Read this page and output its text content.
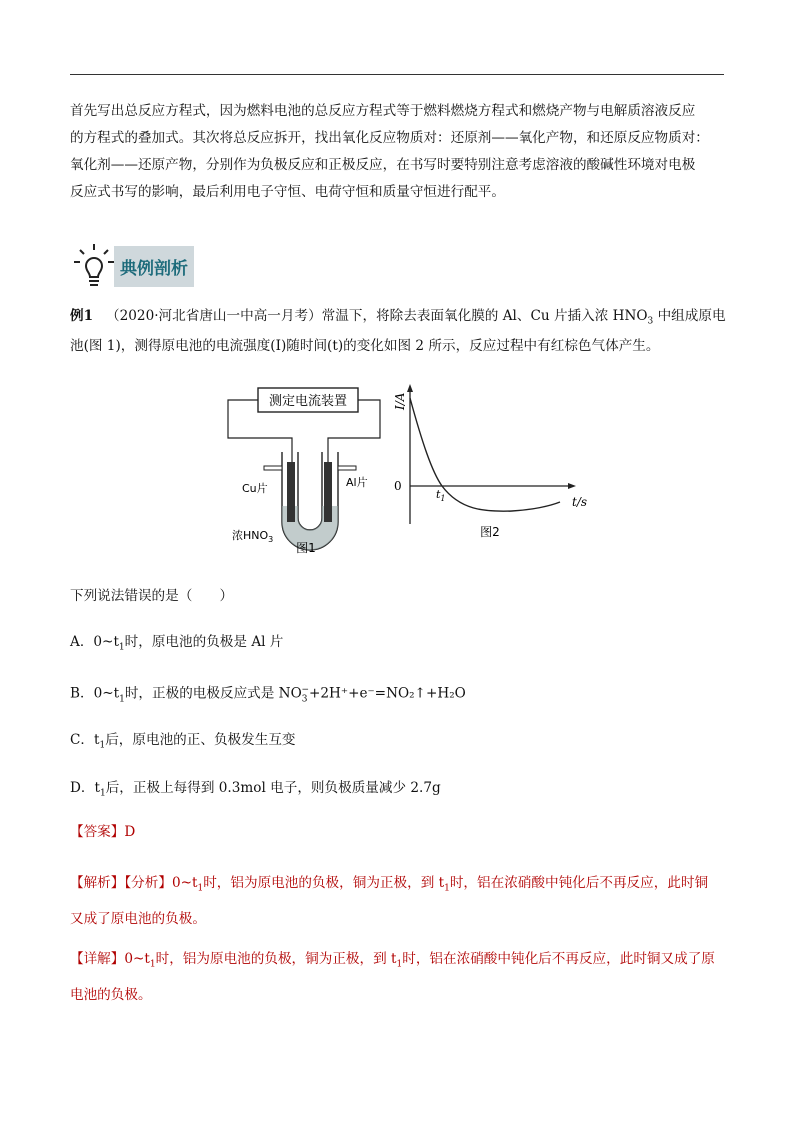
首先写出总反应方程式，因为燃料电池的总反应方程式等于燃料燃烧方程式和燃烧产物与电解质溶液反应
的方程式的叠加式。其次将总反应拆开，找出氧化反应物质对：还原剂——氧化产物，和还原反应物质对：
氧化剂——还原产物，分别作为负极反应和正极反应，在书写时要特别注意考虑溶液的酸碱性环境对电极
反应式书写的影响，最后利用电子守恒、电荷守恒和质量守恒进行配平。
典例剖析
例1 （2020·河北省唐山一中高一月考）常温下，将除去表面氧化膜的 Al、Cu 片插入浓 $HNO_3$ 中组成原电
池(图 1)，测得原电池的电流强度(I)随时间(t)的变化如图 2 所示，反应过程中有红棕色气体产生。
测定电流装置
Cu片	Al片
浓$HNO_3$
图1
I/A
0
t/s
$t_1$
图2
下列说法错误的是（　　）
A．$0\sim t_1$时，原电池的负极是 Al 片
B．$0\sim t_1$时，正极的电极反应式是 $NO_3^-+2H^++e^-=NO_2↑+H_2O$
C．$t_1$后，原电池的正、负极发生互变
D．$t_1$后，正极上每得到 0.3mol 电子，则负极质量减少 2.7g
【答案】D
【解析】【分析】$0\sim t_1$时，铝为原电池的负极，铜为正极，到 $t_1$时，铝在浓硝酸中钝化后不再反应，此时铜
又成了原电池的负极。
【详解】$0\sim t_1$时，铝为原电池的负极，铜为正极，到 $t_1$时，铝在浓硝酸中钝化后不再反应，此时铜又成了原
电池的负极。
